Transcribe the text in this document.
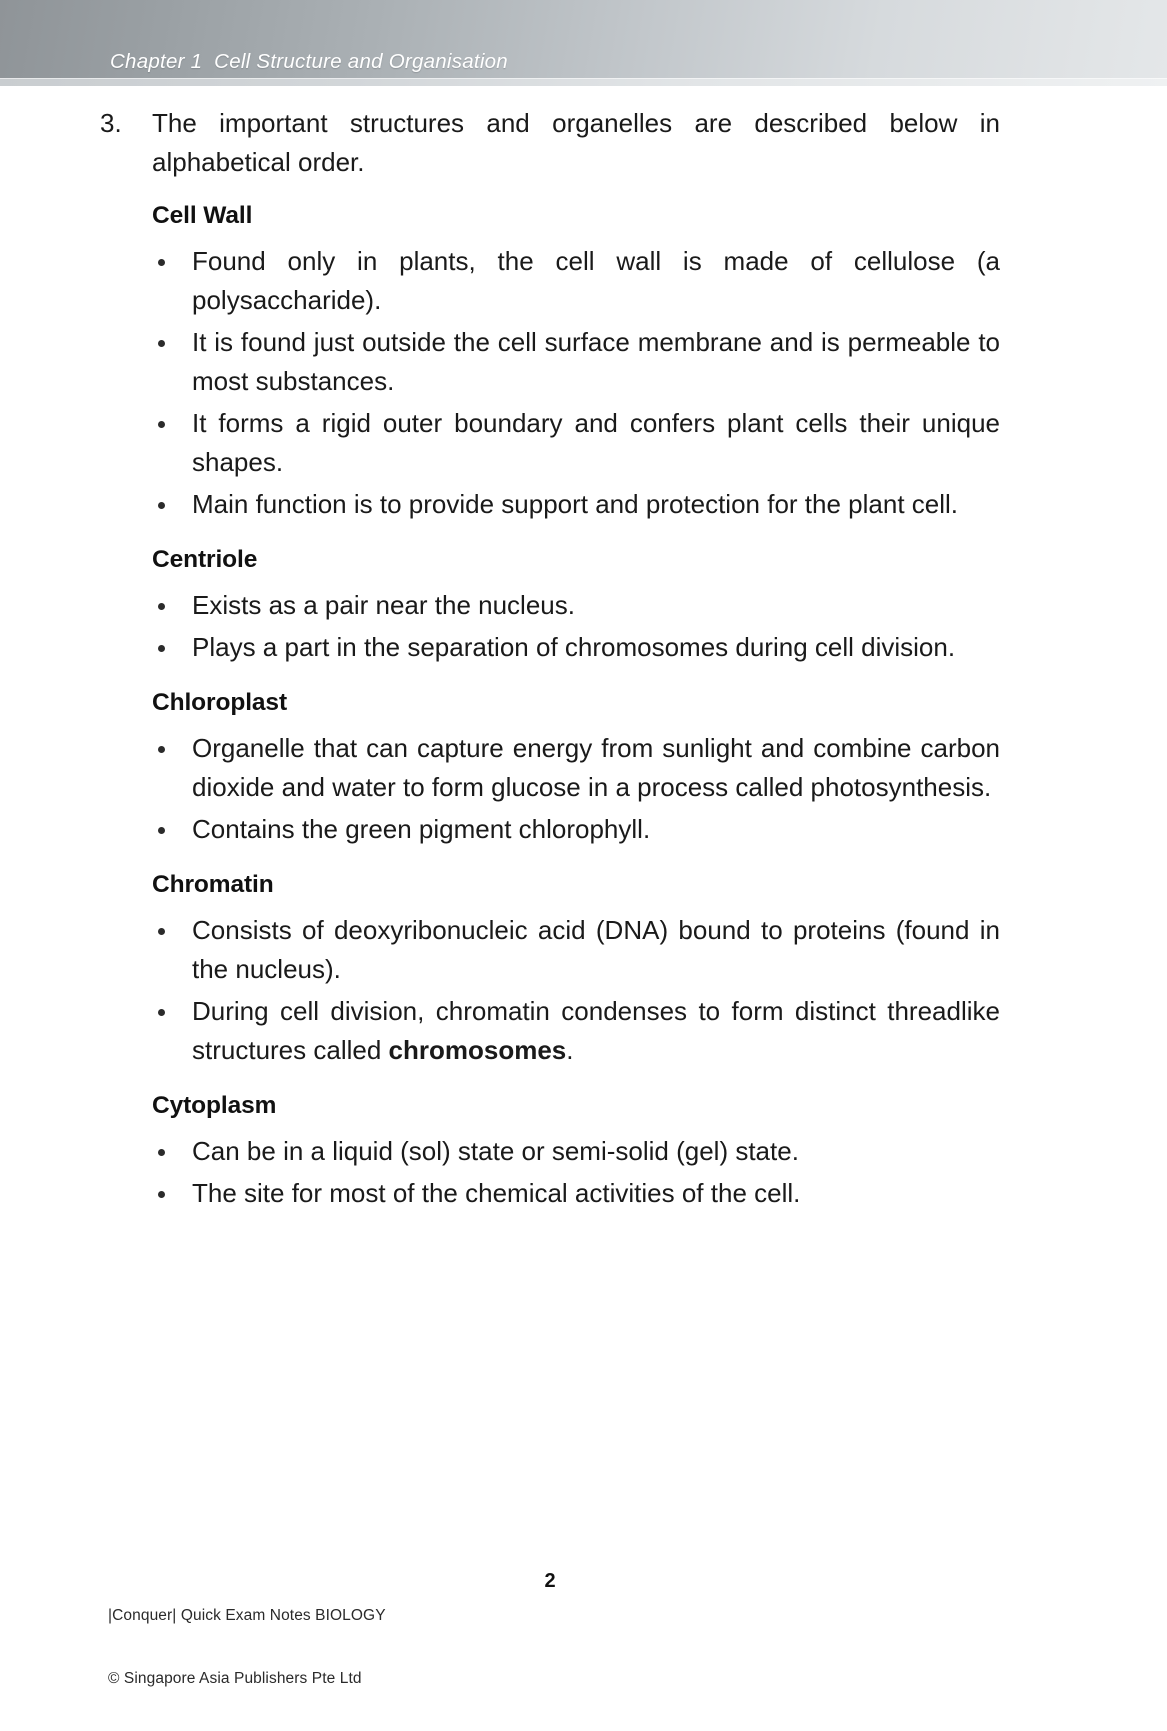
Chapter 1  Cell Structure and Organisation
3.	The important structures and organelles are described below in alphabetical order.
Cell Wall
Found only in plants, the cell wall is made of cellulose (a polysaccharide).
It is found just outside the cell surface membrane and is permeable to most substances.
It forms a rigid outer boundary and confers plant cells their unique shapes.
Main function is to provide support and protection for the plant cell.
Centriole
Exists as a pair near the nucleus.
Plays a part in the separation of chromosomes during cell division.
Chloroplast
Organelle that can capture energy from sunlight and combine carbon dioxide and water to form glucose in a process called photosynthesis.
Contains the green pigment chlorophyll.
Chromatin
Consists of deoxyribonucleic acid (DNA) bound to proteins (found in the nucleus).
During cell division, chromatin condenses to form distinct threadlike structures called chromosomes.
Cytoplasm
Can be in a liquid (sol) state or semi-solid (gel) state.
The site for most of the chemical activities of the cell.

|Conquer| Quick Exam Notes BIOLOGY

© Singapore Asia Publishers Pte Ltd

2
